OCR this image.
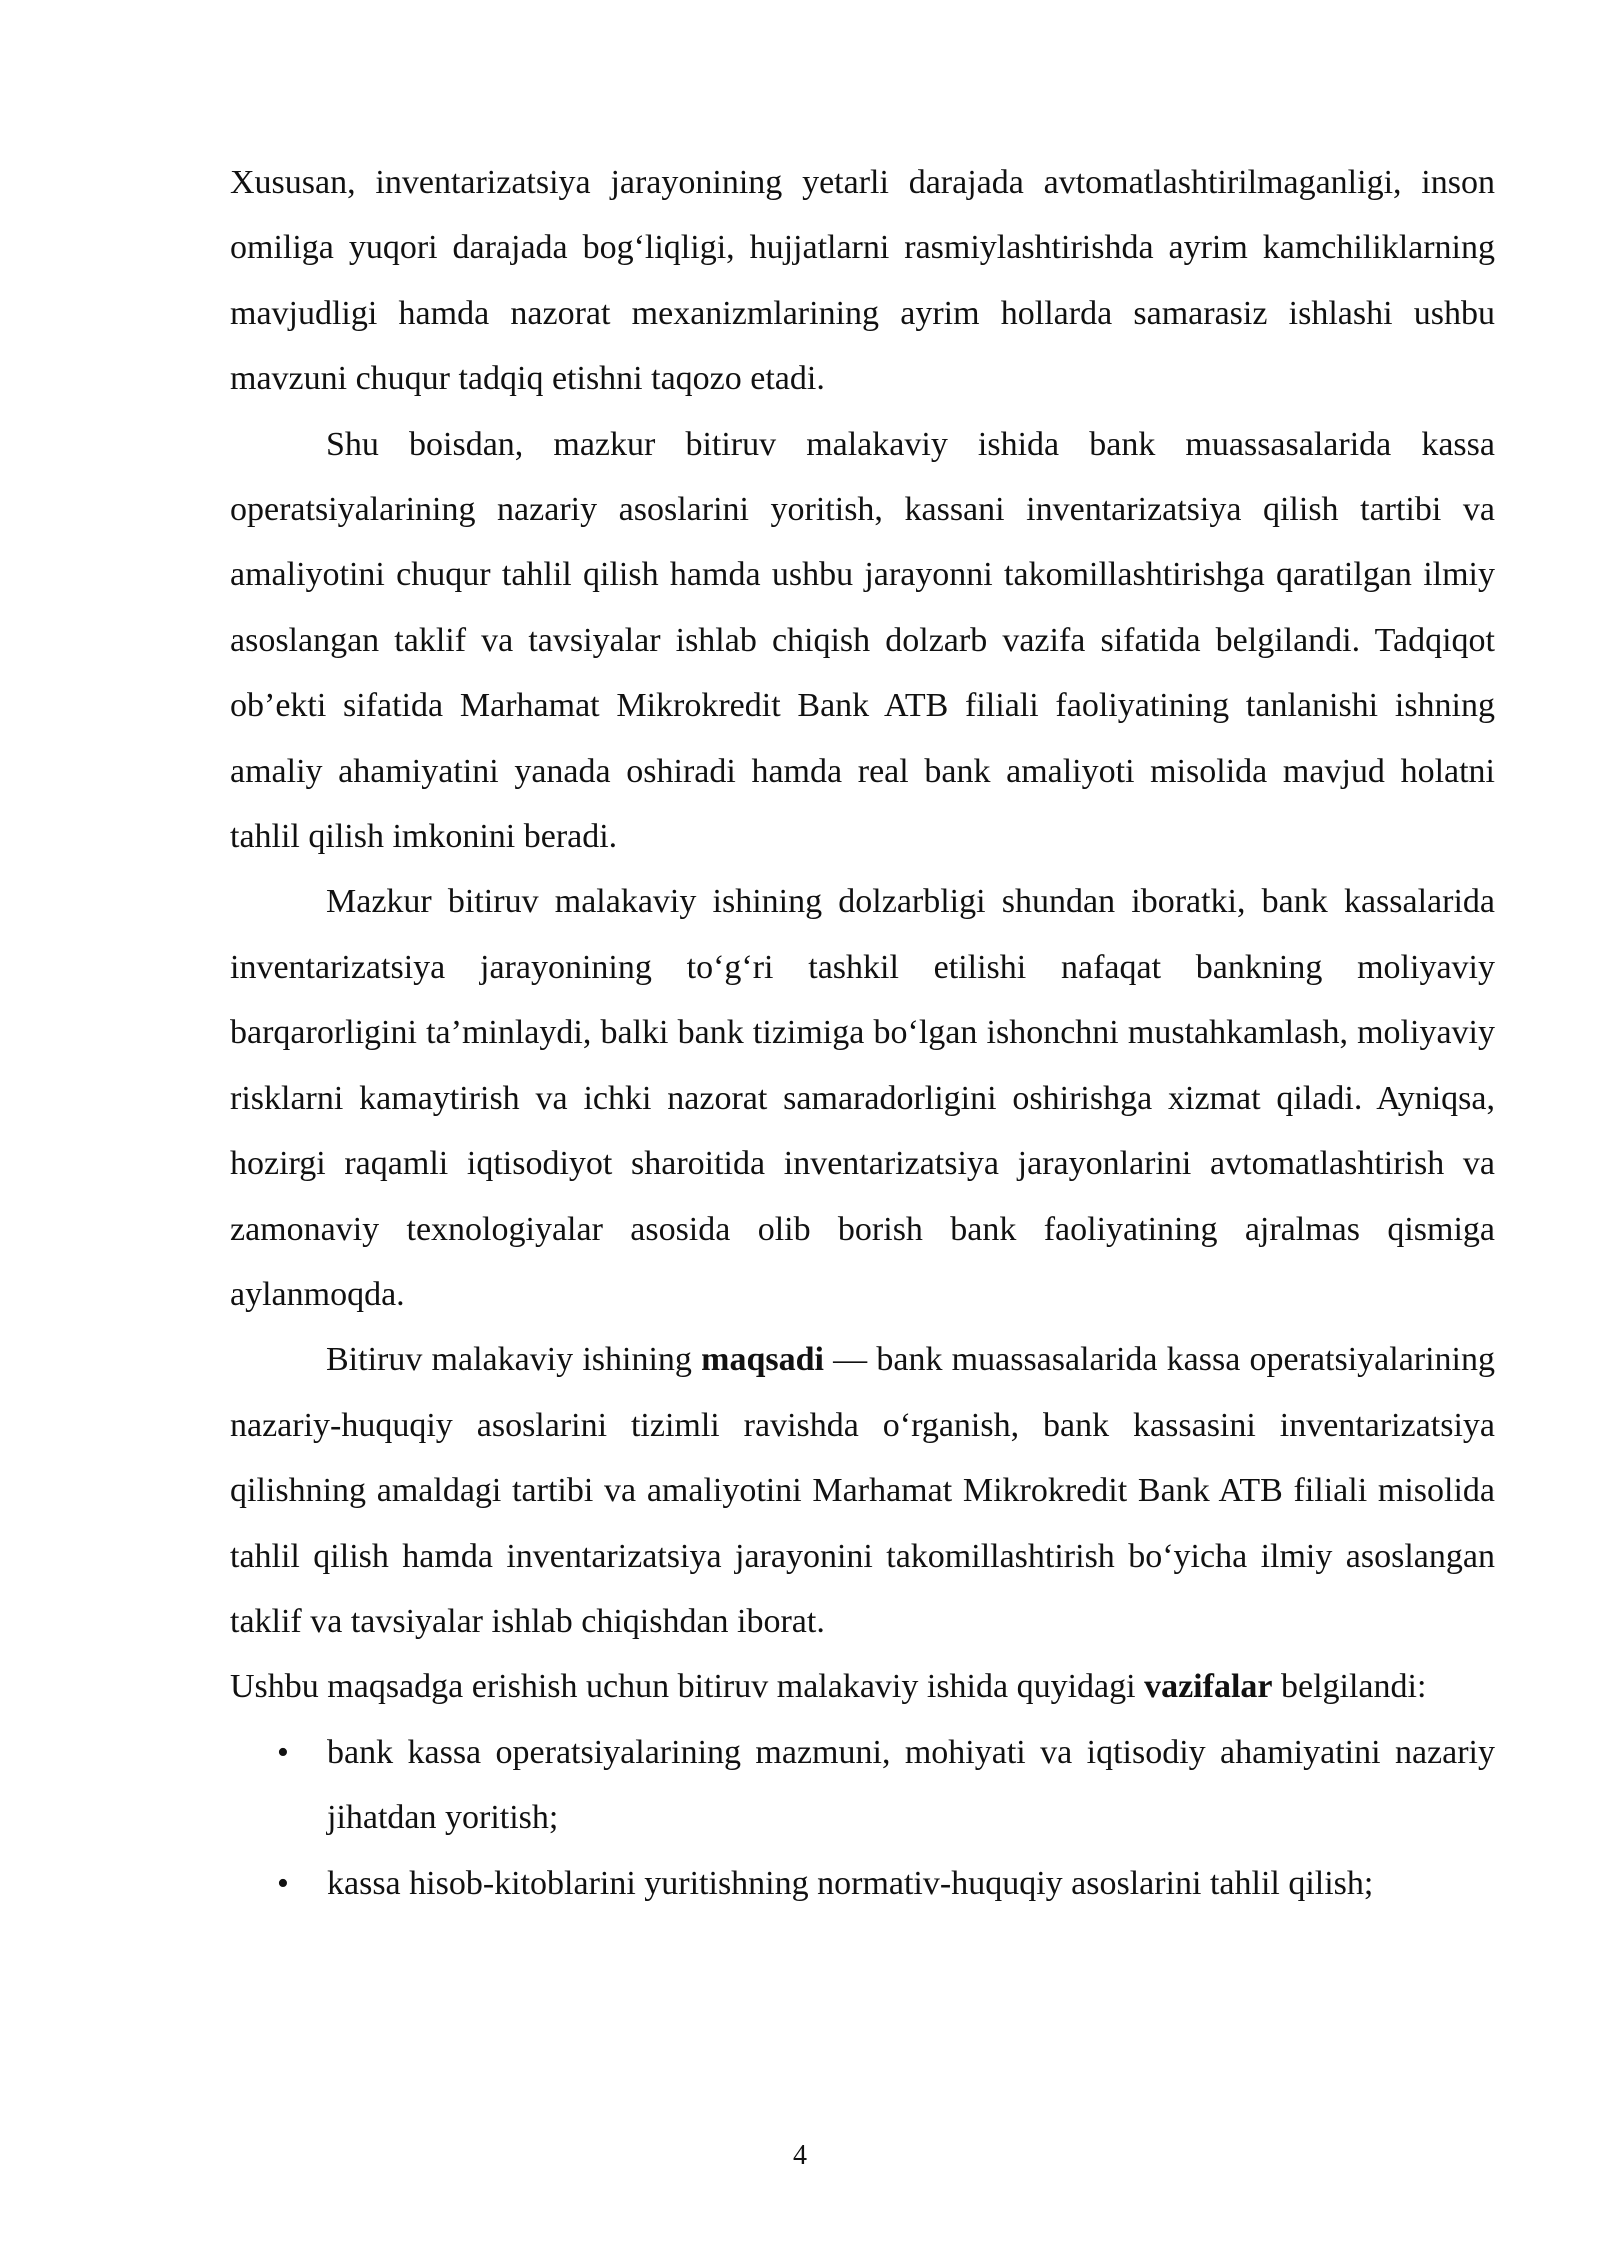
Xususan, inventarizatsiya jarayonining yetarli darajada avtomatlashtirilmaganligi, inson omiliga yuqori darajada bog‘liqligi, hujjatlarni rasmiylashtirishda ayrim kamchiliklarning mavjudligi hamda nazorat mexanizmlarining ayrim hollarda samarasiz ishlashi ushbu mavzuni chuqur tadqiq etishni taqozo etadi.

Shu boisdan, mazkur bitiruv malakaviy ishida bank muassasalarida kassa operatsiyalarining nazariy asoslarini yoritish, kassani inventarizatsiya qilish tartibi va amaliyotini chuqur tahlil qilish hamda ushbu jarayonni takomillashtirishga qaratilgan ilmiy asoslangan taklif va tavsiyalar ishlab chiqish dolzarb vazifa sifatida belgilandi. Tadqiqot ob’ekti sifatida Marhamat Mikrokredit Bank ATB filiali faoliyatining tanlanishi ishning amaliy ahamiyatini yanada oshiradi hamda real bank amaliyoti misolida mavjud holatni tahlil qilish imkonini beradi.

Mazkur bitiruv malakaviy ishining dolzarbligi shundan iboratki, bank kassalarida inventarizatsiya jarayonining to‘g‘ri tashkil etilishi nafaqat bankning moliyaviy barqarorligini ta’minlaydi, balki bank tizimiga bo‘lgan ishonchni mustahkamlash, moliyaviy risklarni kamaytirish va ichki nazorat samaradorligini oshirishga xizmat qiladi. Ayniqsa, hozirgi raqamli iqtisodiyot sharoitida inventarizatsiya jarayonlarini avtomatlashtirish va zamonaviy texnologiyalar asosida olib borish bank faoliyatining ajralmas qismiga aylanmoqda.

Bitiruv malakaviy ishining maqsadi — bank muassasalarida kassa operatsiyalarining nazariy-huquqiy asoslarini tizimli ravishda o‘rganish, bank kassasini inventarizatsiya qilishning amaldagi tartibi va amaliyotini Marhamat Mikrokredit Bank ATB filiali misolida tahlil qilish hamda inventarizatsiya jarayonini takomillashtirish bo‘yicha ilmiy asoslangan taklif va tavsiyalar ishlab chiqishdan iborat.

Ushbu maqsadga erishish uchun bitiruv malakaviy ishida quyidagi vazifalar belgilandi:

• bank kassa operatsiyalarining mazmuni, mohiyati va iqtisodiy ahamiyatini nazariy jihatdan yoritish;
• kassa hisob-kitoblarini yuritishning normativ-huquqiy asoslarini tahlil qilish;
4
